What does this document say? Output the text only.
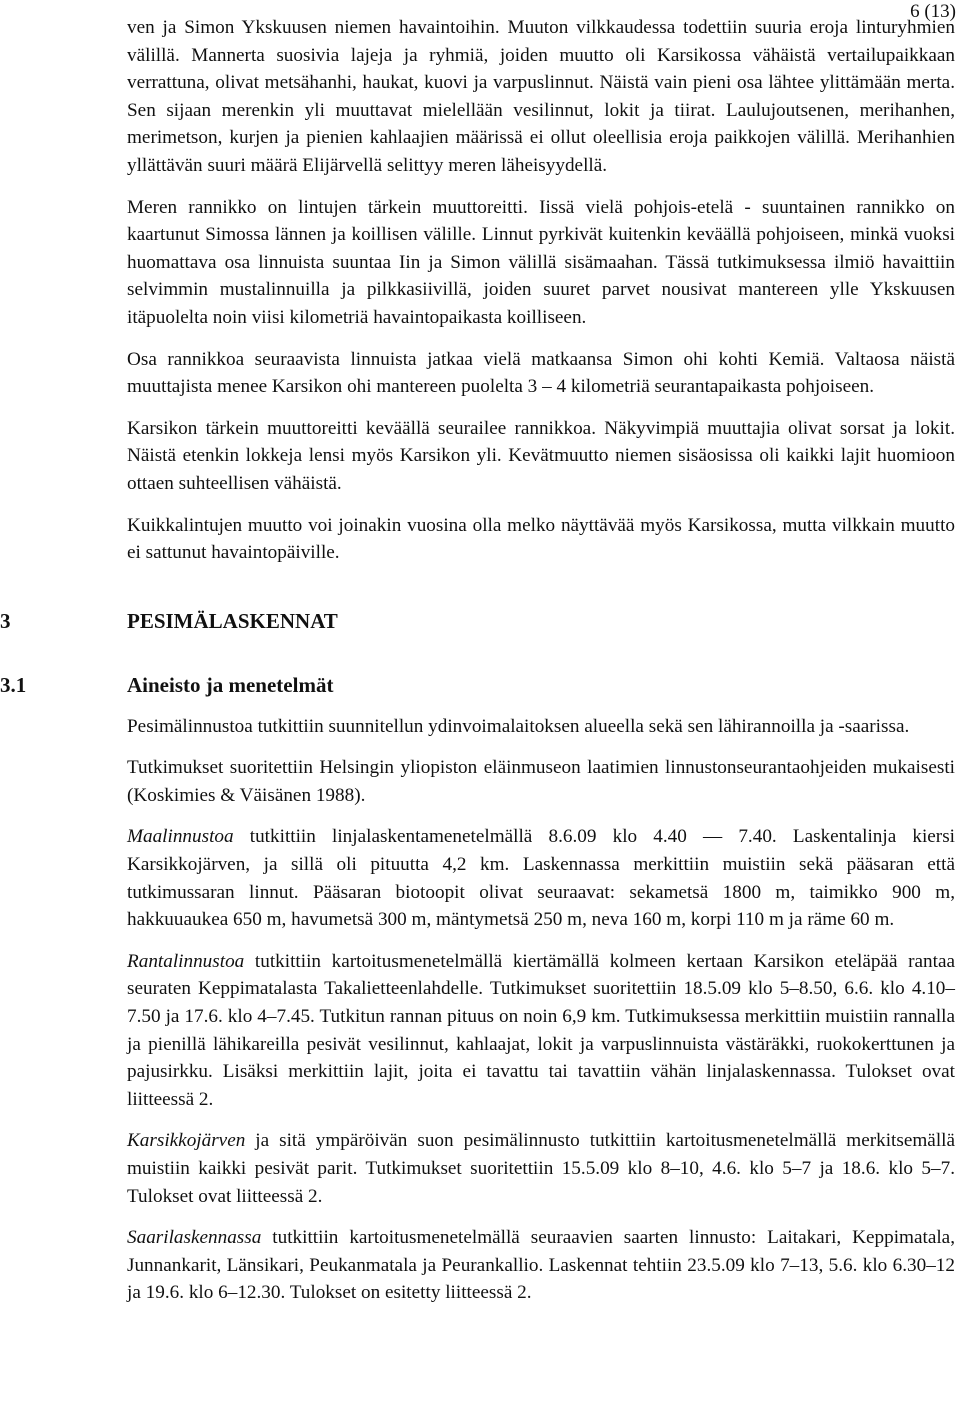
6 (13)

ven ja Simon Ykskuusen niemen havaintoihin. Muuton vilkkaudessa todettiin suuria eroja linturyhmien välillä. Mannerta suosivia lajeja ja ryhmiä, joiden muutto oli Karsikossa vähäistä vertailupaikkaan verrattuna, olivat metsähanhi, haukat, kuovi ja varpuslinnut. Näistä vain pieni osa lähtee ylittämään merta. Sen sijaan merenkin yli muuttavat mielellään vesilinnut, lokit ja tiirat. Laulujoutsenen, merihanhen, merimetson, kurjen ja pienien kahlaajien määrissä ei ollut oleellisia eroja paikkojen välillä. Merihanhien yllättävän suuri määrä Elijärvellä selittyy meren läheisyydellä.

Meren rannikko on lintujen tärkein muuttoreitti. Iissä vielä pohjois-etelä - suuntainen rannikko on kaartunut Simossa lännen ja koillisen välille. Linnut pyrkivät kuitenkin keväällä pohjoiseen, minkä vuoksi huomattava osa linnuista suuntaa Iin ja Simon välillä sisämaahan. Tässä tutkimuksessa ilmiö havaittiin selvimmin mustalinnuilla ja pilkkasiivillä, joiden suuret parvet nousivat mantereen ylle Ykskuusen itäpuolelta noin viisi kilometriä havaintopaikasta koilliseen.

Osa rannikkoa seuraavista linnuista jatkaa vielä matkaansa Simon ohi kohti Kemiä. Valtaosa näistä muuttajista menee Karsikon ohi mantereen puolelta 3 – 4 kilometriä seurantapaikasta pohjoiseen.

Karsikon tärkein muuttoreitti keväällä seurailee rannikkoa. Näkyvimpiä muuttajia olivat sorsat ja lokit. Näistä etenkin lokkeja lensi myös Karsikon yli. Kevätmuutto niemen sisäosissa oli kaikki lajit huomioon ottaen suhteellisen vähäistä.

Kuikkalintujen muutto voi joinakin vuosina olla melko näyttävää myös Karsikossa, mutta vilkkain muutto ei sattunut havaintopäiville.

3	PESIMÄLASKENNAT
3.1	Aineisto ja menetelmät

Pesimälinnustoa tutkittiin suunnitellun ydinvoimalaitoksen alueella sekä sen lähirannoilla ja -saarissa.

Tutkimukset suoritettiin Helsingin yliopiston eläinmuseon laatimien linnustonseurantaohjeiden mukaisesti (Koskimies & Väisänen 1988).

Maalinnustoa tutkittiin linjalaskentamenetelmällä 8.6.09 klo 4.40 — 7.40. Laskentalinja kiersi Karsikkojärven, ja sillä oli pituutta 4,2 km. Laskennassa merkittiin muistiin sekä pääsaran että tutkimussaran linnut. Pääsaran biotoopit olivat seuraavat: sekametsä 1800 m, taimikko 900 m, hakkuuaukea 650 m, havumetsä 300 m, mäntymetsä 250 m, neva 160 m, korpi 110 m ja räme 60 m.

Rantalinnustoa tutkittiin kartoitusmenetelmällä kiertämällä kolmeen kertaan Karsikon eteläpää rantaa seuraten Keppimatalasta Takalietteenlahdelle. Tutkimukset suoritettiin 18.5.09 klo 5–8.50, 6.6. klo 4.10–7.50 ja 17.6. klo 4–7.45. Tutkitun rannan pituus on noin 6,9 km. Tutkimuksessa merkittiin muistiin rannalla ja pienillä lähikareilla pesivät vesilinnut, kahlaajat, lokit ja varpuslinnuista västäräkki, ruokokerttunen ja pajusirkku. Lisäksi merkittiin lajit, joita ei tavattu tai tavattiin vähän linjalaskennassa. Tulokset ovat liitteessä 2.

Karsikkojärven ja sitä ympäröivän suon pesimälinnusto tutkittiin kartoitusmenetelmällä merkitsemällä muistiin kaikki pesivät parit. Tutkimukset suoritettiin 15.5.09 klo 8–10, 4.6. klo 5–7 ja 18.6. klo 5–7. Tulokset ovat liitteessä 2.

Saarilaskennassa tutkittiin kartoitusmenetelmällä seuraavien saarten linnusto: Laitakari, Keppimatala, Junnankarit, Länsikari, Peukanmatala ja Peurankallio. Laskennat tehtiin 23.5.09 klo 7–13, 5.6. klo 6.30–12 ja 19.6. klo 6–12.30. Tulokset on esitetty liitteessä 2.
